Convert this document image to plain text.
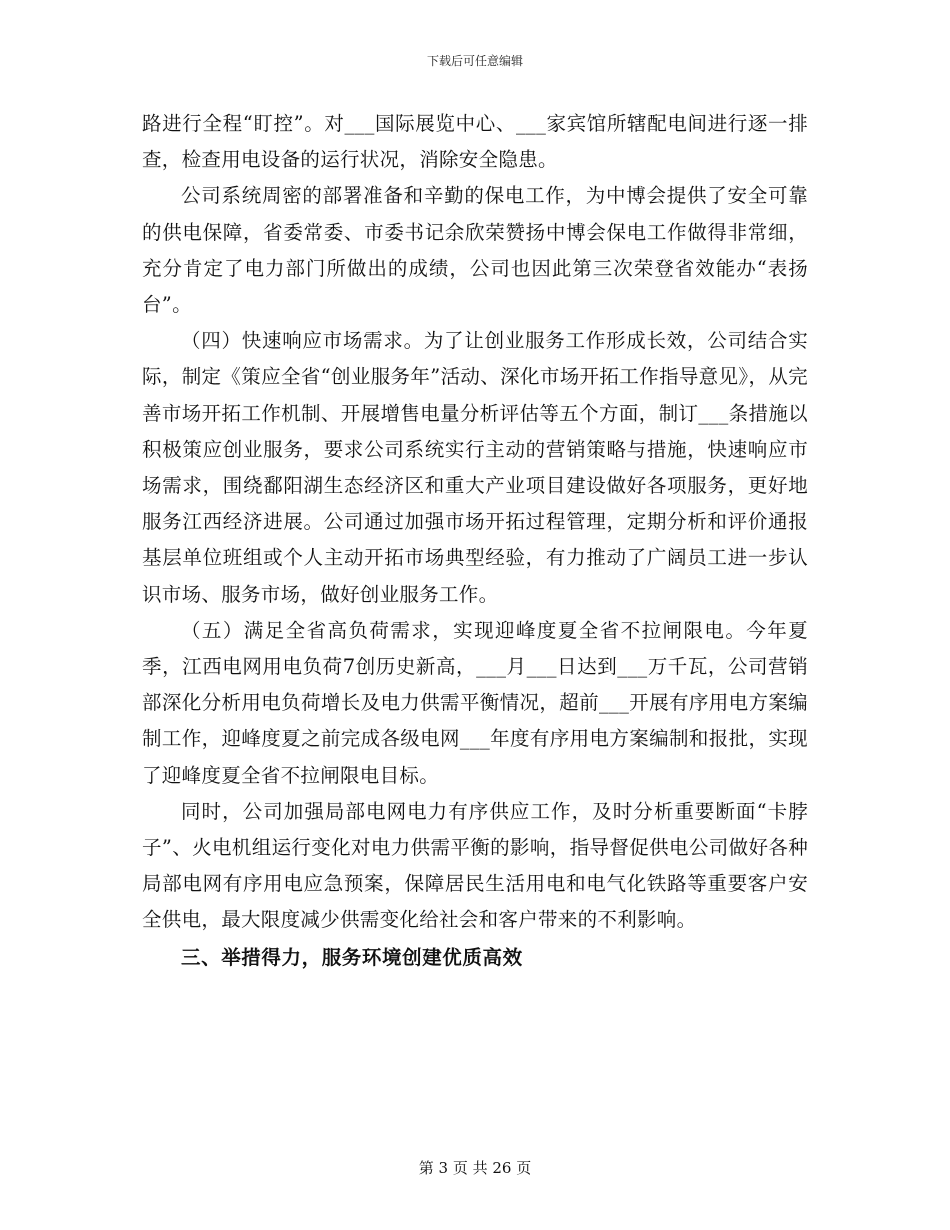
下载后可任意编辑

路进行全程“盯控”。对___国际展览中心、___家宾馆所辖配电间进行逐一排查，检查用电设备的运行状况，消除安全隐患。

公司系统周密的部署准备和辛勤的保电工作，为中博会提供了安全可靠的供电保障，省委常委、市委书记余欣荣赞扬中博会保电工作做得非常细，充分肯定了电力部门所做出的成绩，公司也因此第三次荣登省效能办“表扬台”。

（四）快速响应市场需求。为了让创业服务工作形成长效，公司结合实际，制定《策应全省“创业服务年”活动、深化市场开拓工作指导意见》，从完善市场开拓工作机制、开展增售电量分析评估等五个方面，制订___条措施以积极策应创业服务，要求公司系统实行主动的营销策略与措施，快速响应市场需求，围绕鄱阳湖生态经济区和重大产业项目建设做好各项服务，更好地服务江西经济进展。公司通过加强市场开拓过程管理，定期分析和评价通报基层单位班组或个人主动开拓市场典型经验，有力推动了广阔员工进一步认识市场、服务市场，做好创业服务工作。

（五）满足全省高负荷需求，实现迎峰度夏全省不拉闸限电。今年夏季，江西电网用电负荷7创历史新高，___月___日达到___万千瓦，公司营销部深化分析用电负荷增长及电力供需平衡情况，超前___开展有序用电方案编制工作，迎峰度夏之前完成各级电网___年度有序用电方案编制和报批，实现了迎峰度夏全省不拉闸限电目标。

同时，公司加强局部电网电力有序供应工作，及时分析重要断面“卡脖子”、火电机组运行变化对电力供需平衡的影响，指导督促供电公司做好各种局部电网有序用电应急预案，保障居民生活用电和电气化铁路等重要客户安全供电，最大限度减少供需变化给社会和客户带来的不利影响。

三、举措得力，服务环境创建优质高效

第 3 页 共 26 页
